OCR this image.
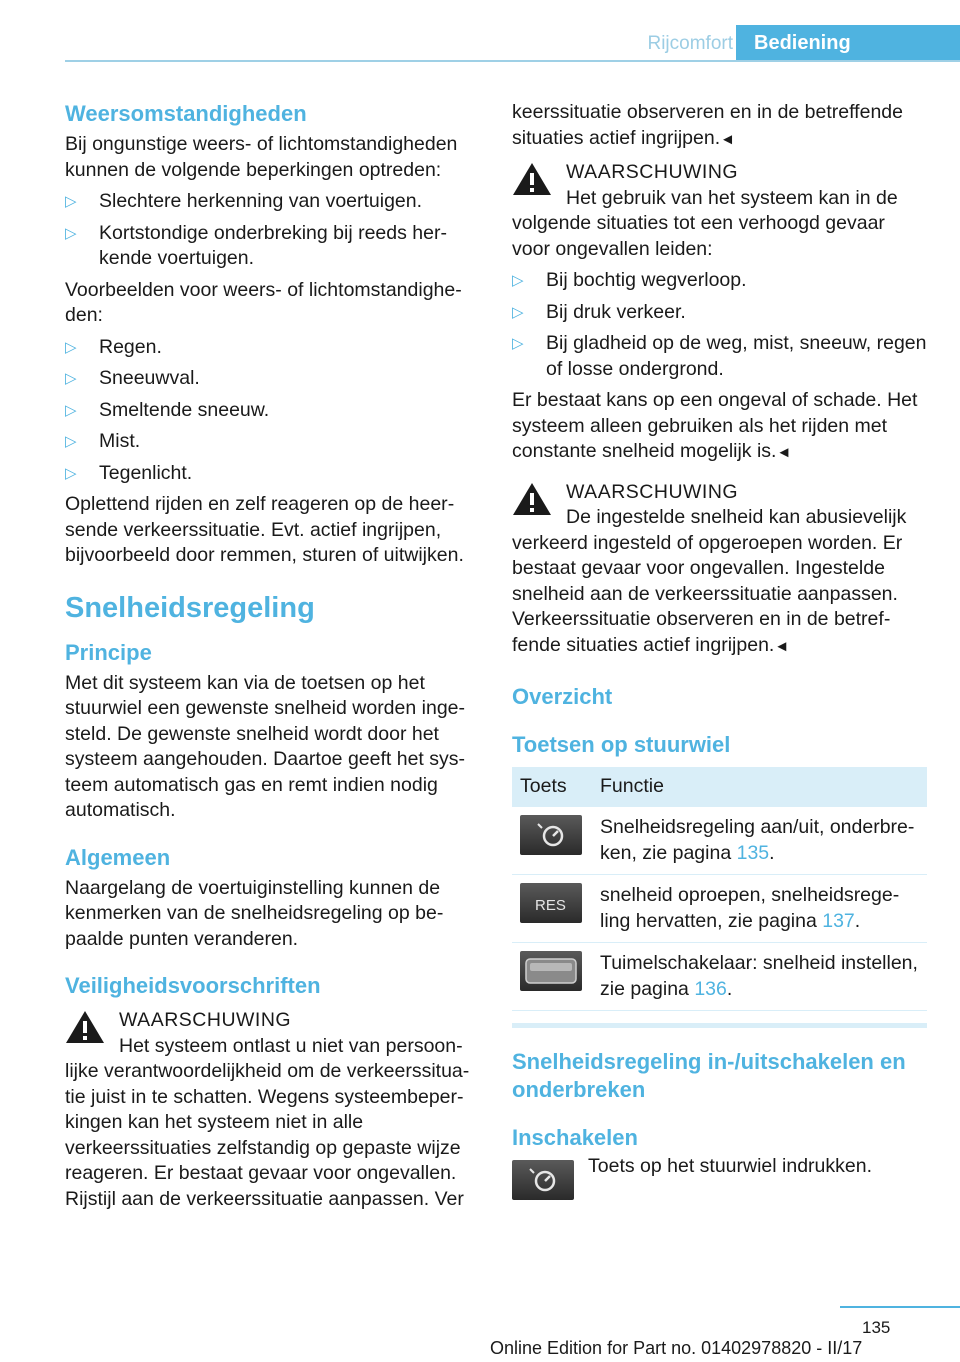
Rijcomfort	Bediening
Weersomstandigheden

Bij ongunstige weers- of lichtomstandigheden kunnen de volgende beperkingen optreden:

▷ Slechtere herkenning van voertuigen.
▷ Kortstondige onderbreking bij reeds herkende voertuigen.

Voorbeelden voor weers- of lichtomstandigheden:

▷ Regen.
▷ Sneeuwval.
▷ Smeltende sneeuw.
▷ Mist.
▷ Tegenlicht.

Oplettend rijden en zelf reageren op de heersende verkeerssituatie. Evt. actief ingrijpen, bijvoorbeeld door remmen, sturen of uitwijken.

Snelheidsregeling
Principe

Met dit systeem kan via de toetsen op het stuurwiel een gewenste snelheid worden ingesteld. De gewenste snelheid wordt door het systeem aangehouden. Daartoe geeft het systeem automatisch gas en remt indien nodig automatisch.

Algemeen

Naargelang de voertuiginstelling kunnen de kenmerken van de snelheidsregeling op bepaalde punten veranderen.

Veiligheidsvoorschriften
WAARSCHUWING
Het systeem ontlast u niet van persoonlijke verantwoordelijkheid om de verkeerssituatie juist in te schatten. Wegens systeembeperkingen kan het systeem niet in alle verkeerssituaties zelfstandig op gepaste wijze reageren. Er bestaat gevaar voor ongevallen. Rijstijl aan de verkeerssituatie aanpassen. Ver

keerssituatie observeren en in de betreffende situaties actief ingrijpen.◄

WAARSCHUWING
Het gebruik van het systeem kan in de volgende situaties tot een verhoogd gevaar voor ongevallen leiden:
▷ Bij bochtig wegverloop.
▷ Bij druk verkeer.
▷ Bij gladheid op de weg, mist, sneeuw, regen of losse ondergrond.

Er bestaat kans op een ongeval of schade. Het systeem alleen gebruiken als het rijden met constante snelheid mogelijk is.◄

WAARSCHUWING
De ingestelde snelheid kan abusievelijk verkeerd ingesteld of opgeroepen worden. Er bestaat gevaar voor ongevallen. Ingestelde snelheid aan de verkeerssituatie aanpassen. Verkeerssituatie observeren en in de betreffende situaties actief ingrijpen.◄
Overzicht
Toetsen op stuurwiel
Toets	Functie

	Snelheidsregeling aan/uit, onderbreken, zie pagina 135.

RES	snelheid oproepen, snelheidsregeling hervatten, zie pagina 137.

	Tuimelschakelaar: snelheid instellen, zie pagina 136.
Snelheidsregeling in-/uitschakelen en onderbreken
Inschakelen
Toets op het stuurwiel indrukken.
135
Online Edition for Part no. 01402978820 - II/17
